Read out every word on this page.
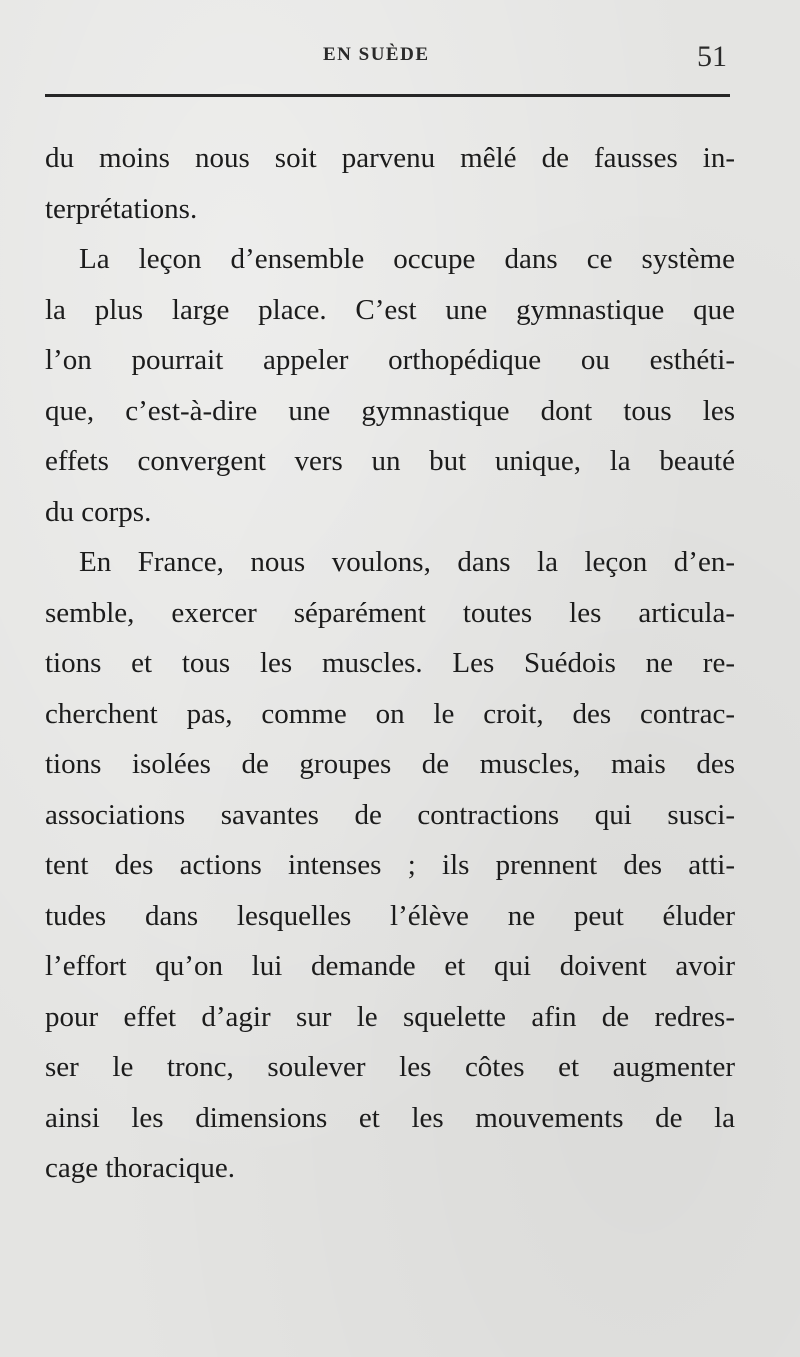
EN SUÈDE	51
du moins nous soit parvenu mêlé de fausses in-
terprétations.
La leçon d’ensemble occupe dans ce système
la plus large place. C’est une gymnastique que
l’on pourrait appeler orthopédique ou esthéti-
que, c’est-à-dire une gymnastique dont tous les
effets convergent vers un but unique, la beauté
du corps.
En France, nous voulons, dans la leçon d’en-
semble, exercer séparément toutes les articula-
tions et tous les muscles. Les Suédois ne re-
cherchent pas, comme on le croit, des contrac-
tions isolées de groupes de muscles, mais des
associations savantes de contractions qui susci-
tent des actions intenses ; ils prennent des atti-
tudes dans lesquelles l’élève ne peut éluder
l’effort qu’on lui demande et qui doivent avoir
pour effet d’agir sur le squelette afin de redres-
ser le tronc, soulever les côtes et augmenter
ainsi les dimensions et les mouvements de la
cage thoracique.
